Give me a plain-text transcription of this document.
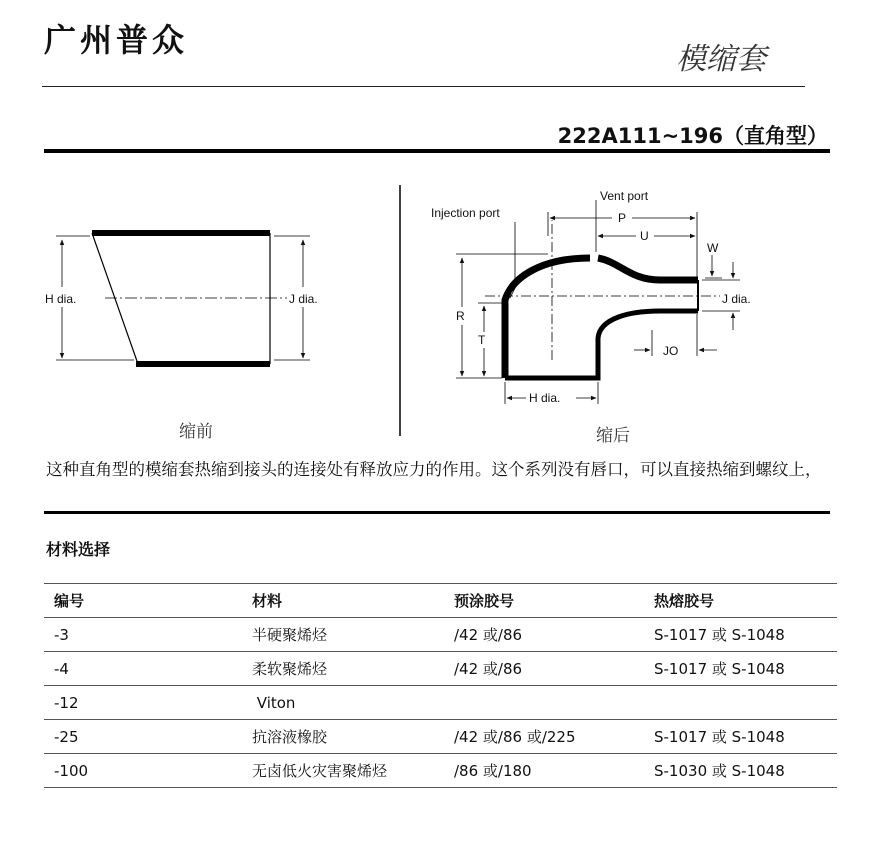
广州普众
模缩套
222A111~196（直角型）
H dia.	J dia.
Vent port
Injection port	P
U
W
J dia.
R
T
JO
H dia.
缩前	缩后
这种直角型的模缩套热缩到接头的连接处有释放应力的作用。这个系列没有唇口，可以直接热缩到螺纹上，
材料选择
编号	材料	预涂胶号	热熔胶号
-3	半硬聚烯烃	/42 或/86	S-1017 或 S-1048
-4	柔软聚烯烃	/42 或/86	S-1017 或 S-1048
-12	Viton		
-25	抗溶液橡胶	/42 或/86 或/225	S-1017 或 S-1048
-100	无卤低火灾害聚烯烃	/86 或/180	S-1030 或 S-1048
